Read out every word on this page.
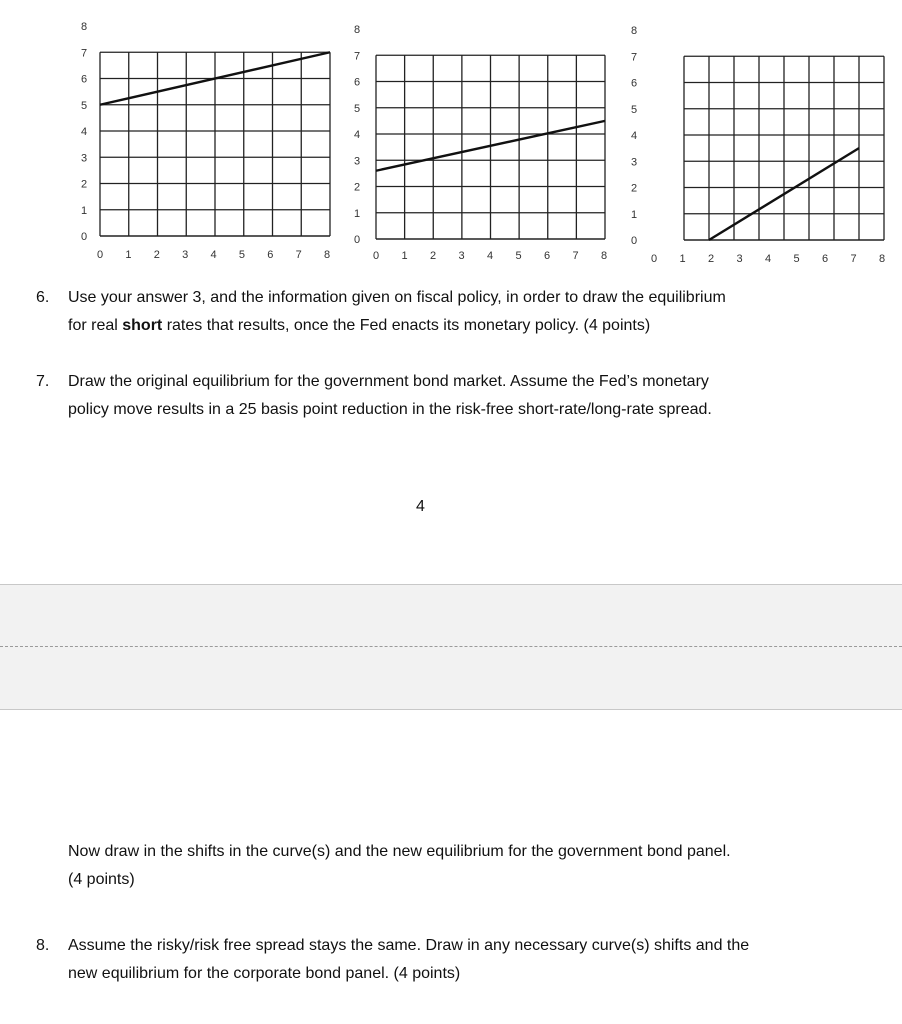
0
1
2
3
4
5
6
7
8
0 1 2 3 4 5 6 7 8
0
1
2
3
4
5
6
7
8
0 1 2 3 4 5 6 7 8
0
1
2
3
4
5
6
7
8
0 1 2 3 4 5 6 7 8
6. Use your answer 3, and the information given on fiscal policy, in order to draw the equilibrium
for real short rates that results, once the Fed enacts its monetary policy. (4 points)
7. Draw the original equilibrium for the government bond market. Assume the Fed’s monetary
policy move results in a 25 basis point reduction in the risk-free short-rate/long-rate spread.
4
Now draw in the shifts in the curve(s) and the new equilibrium for the government bond panel.
(4 points)
8. Assume the risky/risk free spread stays the same. Draw in any necessary curve(s) shifts and the
new equilibrium for the corporate bond panel. (4 points)
